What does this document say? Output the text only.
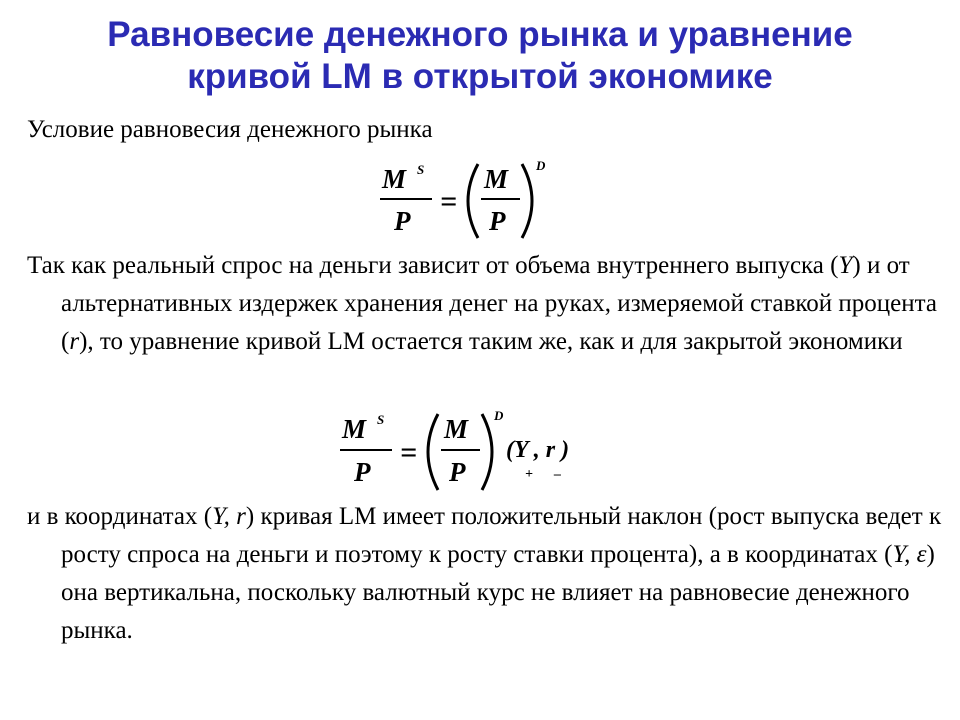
Равновесие денежного рынка и уравнение
кривой LM в открытой экономике
Условие равновесия денежного рынка
M S
P
=
M
P
D
Так как реальный спрос на деньги зависит от объема внутреннего выпуска (Y) и от альтернативных издержек хранения денег на руках, измеряемой ставкой процента (r), то уравнение кривой LM остается таким же, как и для закрытой экономики
M S
P
=
M
P
D
(Y , r )
+ –
и в координатах (Y, r) кривая LM имеет положительный наклон (рост выпуска ведет к росту спроса на деньги и поэтому к росту ставки процента), а в координатах (Y, ε) она вертикальна, поскольку валютный курс не влияет на равновесие денежного рынка.
